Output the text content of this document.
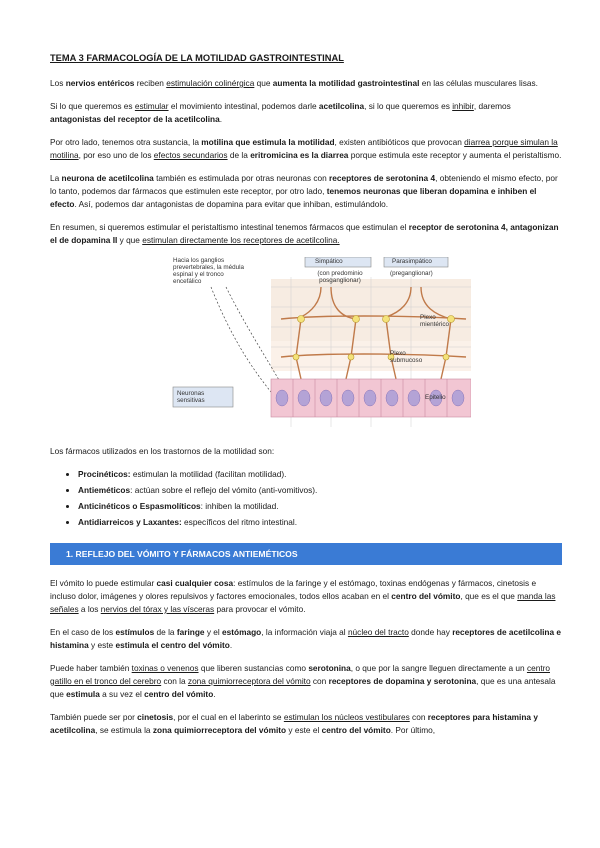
TEMA 3 FARMACOLOGÍA DE LA MOTILIDAD GASTROINTESTINAL

Los nervios entéricos reciben estimulación colinérgica que aumenta la motilidad gastrointestinal en las células musculares lisas.

Si lo que queremos es estimular el movimiento intestinal, podemos darle acetilcolina, si lo que queremos es inhibir, daremos antagonistas del receptor de la acetilcolina.

Por otro lado, tenemos otra sustancia, la motilina que estimula la motilidad, existen antibióticos que provocan diarrea porque simulan la motilina, por eso uno de los efectos secundarios de la eritromicina es la diarrea porque estimula este receptor y aumenta el peristaltismo.

La neurona de acetilcolina también es estimulada por otras neuronas con receptores de serotonina 4, obteniendo el mismo efecto, por lo tanto, podemos dar fármacos que estimulen este receptor, por otro lado, tenemos neuronas que liberan dopamina e inhiben el efecto. Así, podemos dar antagonistas de dopamina para evitar que inhiban, estimulándolo.

En resumen, si queremos estimular el peristaltismo intestinal tenemos fármacos que estimulan el receptor de serotonina 4, antagonizan el de dopamina II y que estimulan directamente los receptores de acetilcolina.

Hacia los ganglios prevertebrales, la médula espinal y el tronco encefálico
Simpático
(con predominio posganglionar)
Parasimpático
(preganglionar)
Plexo mientérico
Plexo submucoso
Neuronas sensitivas	Epitelio

Los fármacos utilizados en los trastornos de la motilidad son:

• Procinéticos: estimulan la motilidad (facilitan motilidad).
• Antieméticos: actúan sobre el reflejo del vómito (anti-vomitivos).
• Anticinéticos o Espasmolíticos: inhiben la motilidad.
• Antidiarreicos y Laxantes: específicos del ritmo intestinal.
1. REFLEJO DEL VÓMITO Y FÁRMACOS ANTIEMÉTICOS

El vómito lo puede estimular casi cualquier cosa: estímulos de la faringe y el estómago, toxinas endógenas y fármacos, cinetosis e incluso dolor, imágenes y olores repulsivos y factores emocionales, todos ellos acaban en el centro del vómito, que es el que manda las señales a los nervios del tórax y las vísceras para provocar el vómito.

En el caso de los estímulos de la faringe y el estómago, la información viaja al núcleo del tracto donde hay receptores de acetilcolina e histamina y este estimula el centro del vómito.

Puede haber también toxinas o venenos que liberen sustancias como serotonina, o que por la sangre lleguen directamente a un centro gatillo en el tronco del cerebro con la zona quimiorreceptora del vómito con receptores de dopamina y serotonina, que es una antesala que estimula a su vez el centro del vómito.

También puede ser por cinetosis, por el cual en el laberinto se estimulan los núcleos vestibulares con receptores para histamina y acetilcolina, se estimula la zona quimiorreceptora del vómito y este el centro del vómito. Por último,
